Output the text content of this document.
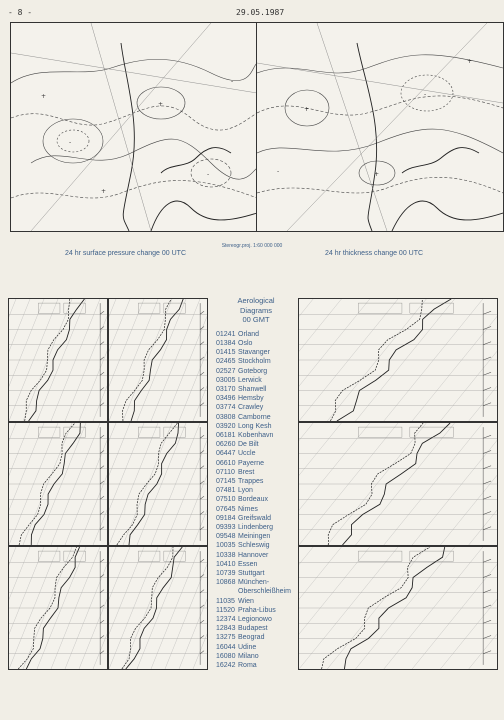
- 8 -	29.05.1987
-
+
-
+
+
-
+
-
+
+
-
Stereogr.proj. 1:60 000 000
24 hr surface pressure change 00 UTC	24 hr thickness change 00 UTC
Aerological
Diagrams
00 GMT
01241 Orland
01384 Oslo
01415 Stavanger
02465 Stockholm
02527 Goteborg
03005 Lerwick
03170 Shanwell
03496 Hemsby
03774 Crawley
03808 Camborne
03920 Long Kesh
06181 Kobenhavn
06260 De Bilt
06447 Uccle
06610 Payerne
07110 Brest
07145 Trappes
07481 Lyon
07510 Bordeaux
07645 Nimes
09184 Greifswald
09393 Lindenberg
09548 Meiningen
10035 Schleswig
10338 Hannover
10410 Essen
10739 Stuttgart
10868 München-
Oberschleißheim
11035 Wien
11520 Praha-Libus
12374 Legionowo
12843 Budapest
13275 Beograd
16044 Udine
16080 Milano
16242 Roma
